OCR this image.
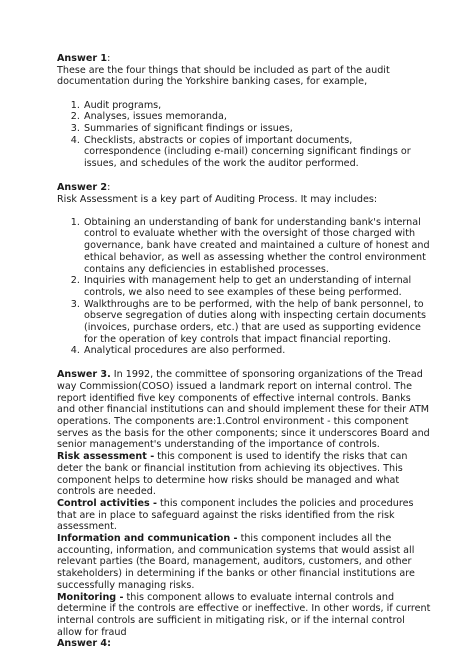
Answer 1:

These are the four things that should be included as part of the audit documentation during the Yorkshire banking cases, for example,

1. Audit programs,
2. Analyses, issues memoranda,
3. Summaries of significant findings or issues,
4. Checklists, abstracts or copies of important documents, correspondence (including e-mail) concerning significant findings or issues, and schedules of the work the auditor performed.

Answer 2:

Risk Assessment is a key part of Auditing Process. It may includes:

1. Obtaining an understanding of bank for understanding bank's internal control to evaluate whether with the oversight of those charged with governance, bank have created and maintained a culture of honest and ethical behavior, as well as assessing whether the control environment contains any deficiencies in established processes.
2. Inquiries with management help to get an understanding of internal controls, we also need to see examples of these being performed.
3. Walkthroughs are to be performed, with the help of bank personnel, to observe segregation of duties along with inspecting certain documents (invoices, purchase orders, etc.) that are used as supporting evidence for the operation of key controls that impact financial reporting.
4. Analytical procedures are also performed.

Answer 3. In 1992, the committee of sponsoring organizations of the Tread way Commission(COSO) issued a landmark report on internal control. The report identified five key components of effective internal controls. Banks and other financial institutions can and should implement these for their ATM operations. The components are:1.Control environment - this component serves as the basis for the other components; since it underscores Board and senior management's understanding of the importance of controls.

Risk assessment - this component is used to identify the risks that can deter the bank or financial institution from achieving its objectives. This component helps to determine how risks should be managed and what controls are needed.

Control activities - this component includes the policies and procedures that are in place to safeguard against the risks identified from the risk assessment.

Information and communication - this component includes all the accounting, information, and communication systems that would assist all relevant parties (the Board, management, auditors, customers, and other stakeholders) in determining if the banks or other financial institutions are successfully managing risks.

Monitoring - this component allows to evaluate internal controls and determine if the controls are effective or ineffective. In other words, if current internal controls are sufficient in mitigating risk, or if the internal control allow for fraud

Answer 4:
